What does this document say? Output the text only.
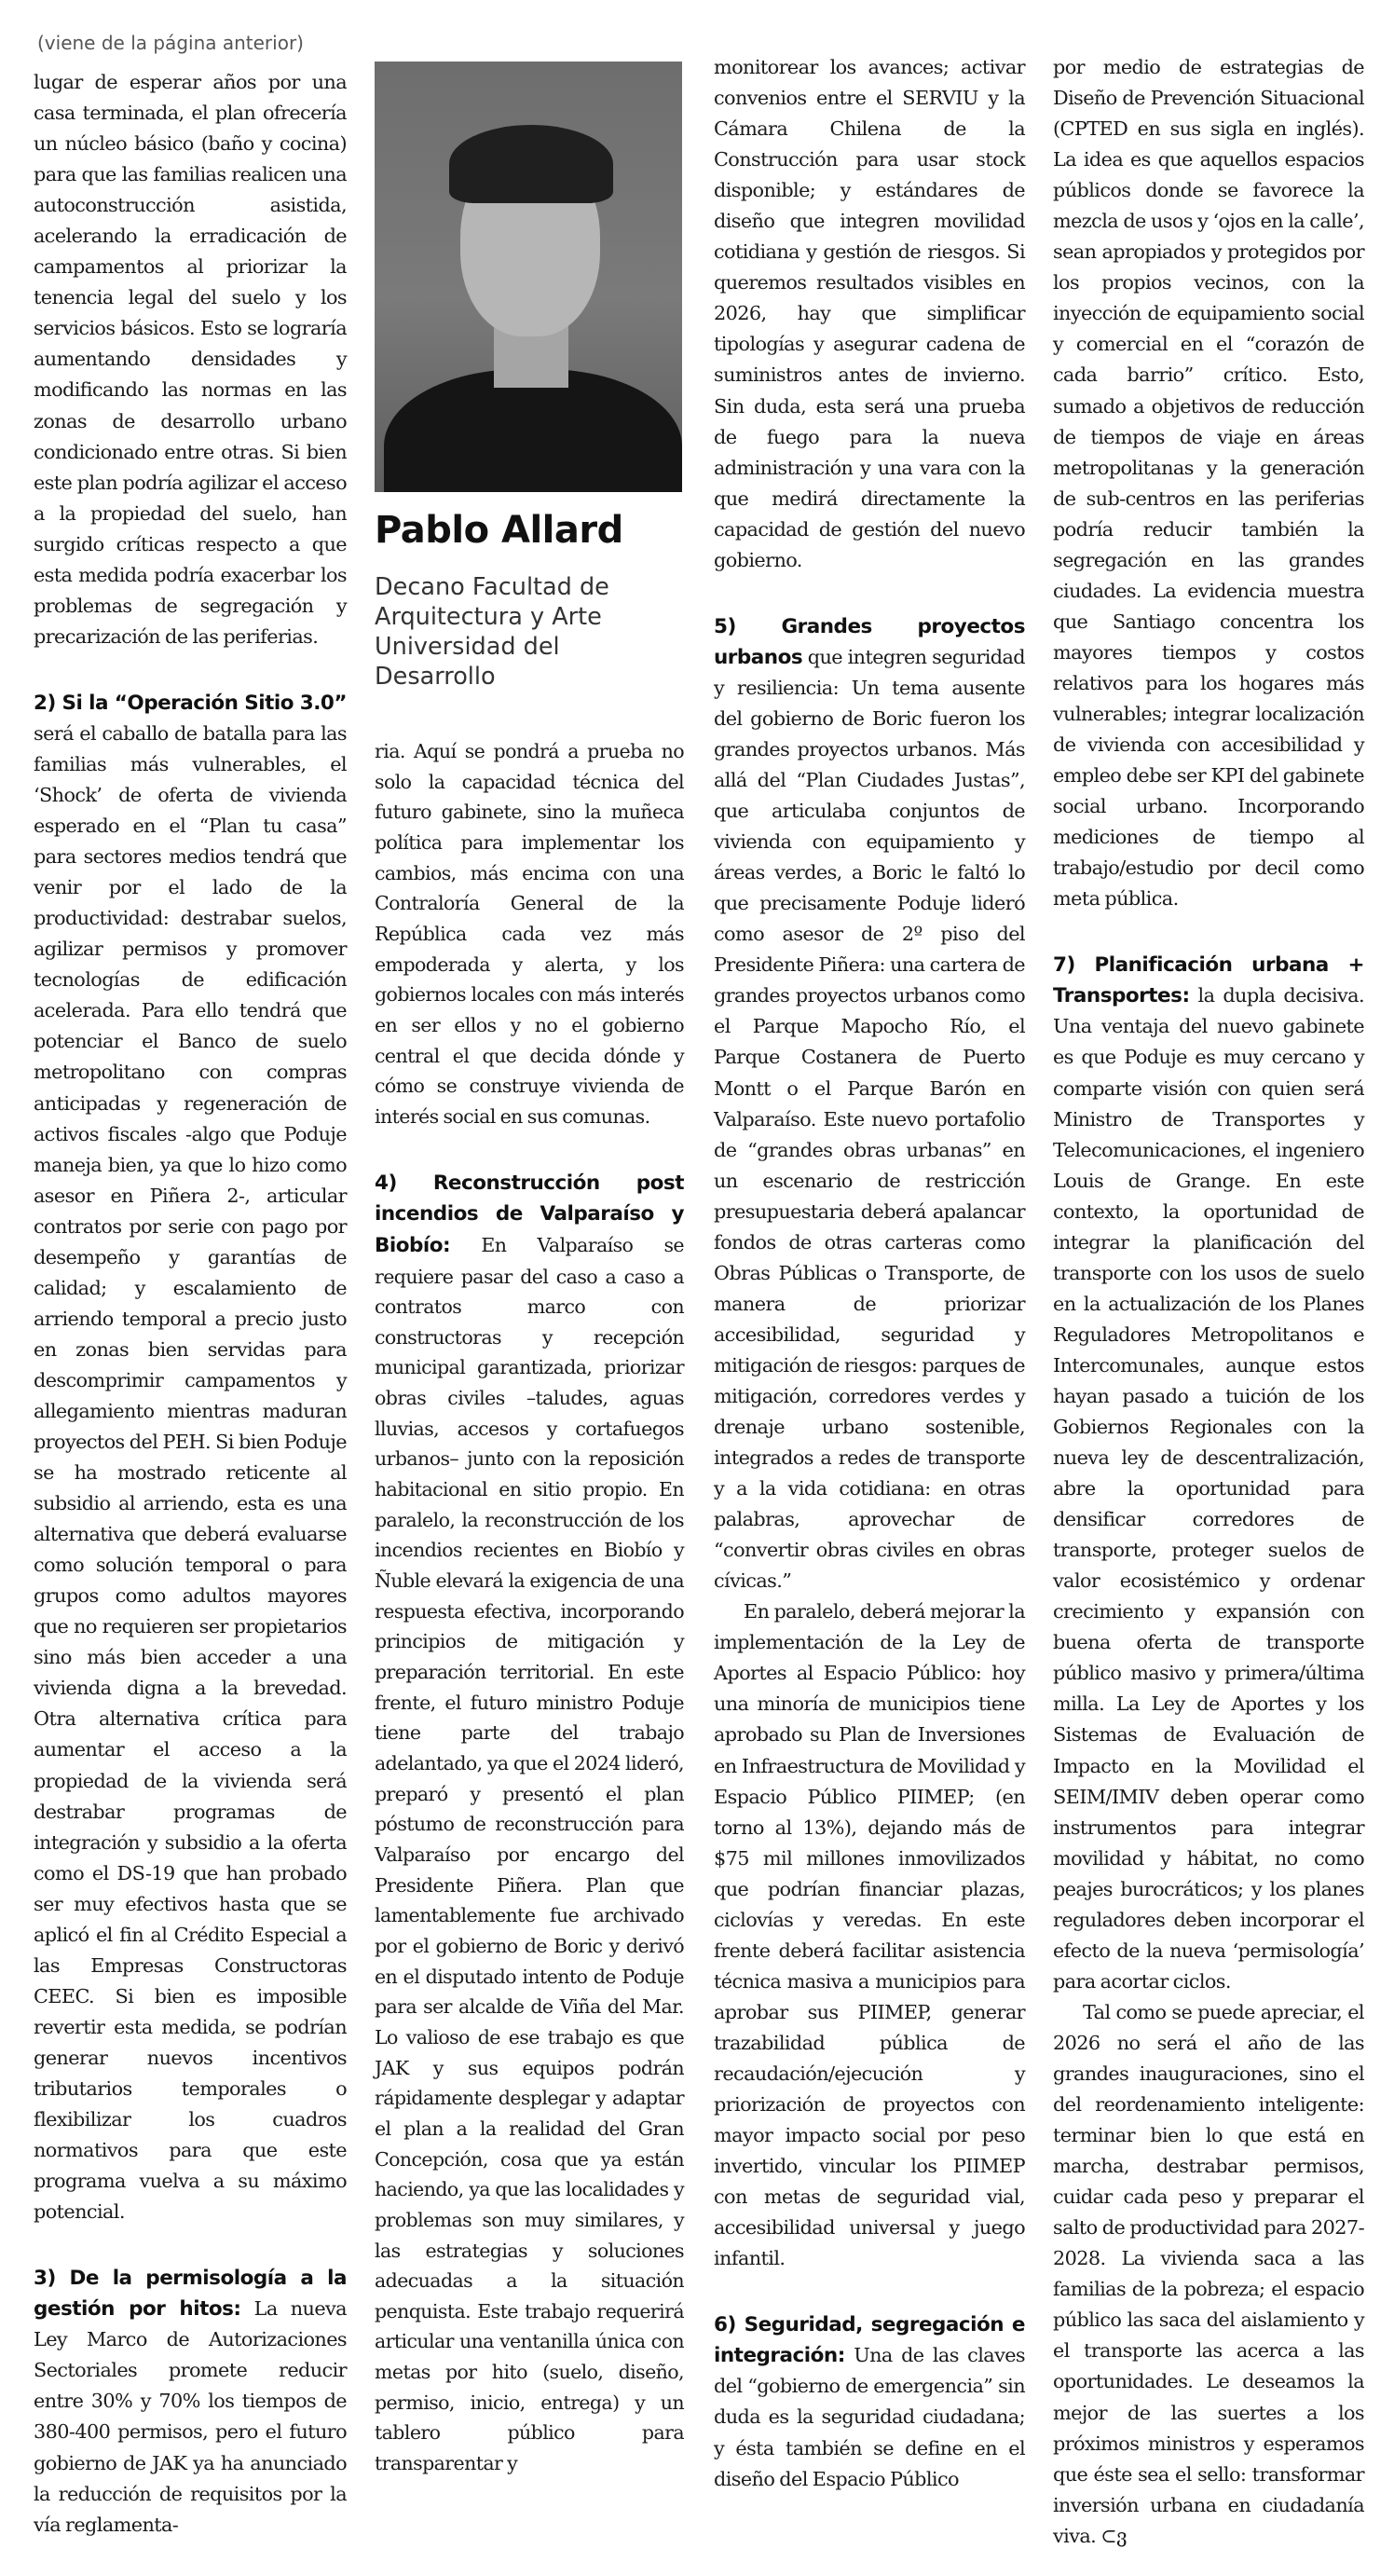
(viene de la página anterior)

lugar de esperar años por una casa terminada, el plan ofrecería un núcleo básico (baño y cocina) para que las familias realicen una autoconstrucción asistida, acelerando la erradicación de campamentos al priorizar la tenencia legal del suelo y los servicios básicos. Esto se lograría aumentando densidades y modificando las normas en las zonas de desarrollo urbano condicionado entre otras. Si bien este plan podría agilizar el acceso a la propiedad del suelo, han surgido críticas respecto a que esta medida podría exacerbar los problemas de segregación y precarización de las periferias.

2) Si la “Operación Sitio 3.0” será el caballo de batalla para las familias más vulnerables, el ‘Shock’ de oferta de vivienda esperado en el “Plan tu casa” para sectores medios tendrá que venir por el lado de la productividad: destrabar suelos, agilizar permisos y promover tecnologías de edificación acelerada. Para ello tendrá que potenciar el Banco de suelo metropolitano con compras anticipadas y regeneración de activos fiscales -algo que Poduje maneja bien, ya que lo hizo como asesor en Piñera 2-, articular contratos por serie con pago por desempeño y garantías de calidad; y escalamiento de arriendo temporal a precio justo en zonas bien servidas para descomprimir campamentos y allegamiento mientras maduran proyectos del PEH. Si bien Poduje se ha mostrado reticente al subsidio al arriendo, esta es una alternativa que deberá evaluarse como solución temporal o para grupos como adultos mayores que no requieren ser propietarios sino más bien acceder a una vivienda digna a la brevedad. Otra alternativa crítica para aumentar el acceso a la propiedad de la vivienda será destrabar programas de integración y subsidio a la oferta como el DS-19 que han probado ser muy efectivos hasta que se aplicó el fin al Crédito Especial a las Empresas Constructoras CEEC. Si bien es imposible revertir esta medida, se podrían generar nuevos incentivos tributarios temporales o flexibilizar los cuadros normativos para que este programa vuelva a su máximo potencial.

3) De la permisología a la gestión por hitos: La nueva Ley Marco de Autorizaciones Sectoriales promete reducir entre 30% y 70% los tiempos de 380-400 permisos, pero el futuro gobierno de JAK ya ha anunciado la reducción de requisitos por la vía reglamenta-

Pablo Allard
Decano Facultad de
Arquitectura y Arte
Universidad del
Desarrollo

ria. Aquí se pondrá a prueba no solo la capacidad técnica del futuro gabinete, sino la muñeca política para implementar los cambios, más encima con una Contraloría General de la República cada vez más empoderada y alerta, y los gobiernos locales con más interés en ser ellos y no el gobierno central el que decida dónde y cómo se construye vivienda de interés social en sus comunas.

4) Reconstrucción post incendios de Valparaíso y Biobío: En Valparaíso se requiere pasar del caso a caso a contratos marco con constructoras y recepción municipal garantizada, priorizar obras civiles –taludes, aguas lluvias, accesos y cortafuegos urbanos– junto con la reposición habitacional en sitio propio. En paralelo, la reconstrucción de los incendios recientes en Biobío y Ñuble elevará la exigencia de una respuesta efectiva, incorporando principios de mitigación y preparación territorial. En este frente, el futuro ministro Poduje tiene parte del trabajo adelantado, ya que el 2024 lideró, preparó y presentó el plan póstumo de reconstrucción para Valparaíso por encargo del Presidente Piñera. Plan que lamentablemente fue archivado por el gobierno de Boric y derivó en el disputado intento de Poduje para ser alcalde de Viña del Mar. Lo valioso de ese trabajo es que JAK y sus equipos podrán rápidamente desplegar y adaptar el plan a la realidad del Gran Concepción, cosa que ya están haciendo, ya que las localidades y problemas son muy similares, y las estrategias y soluciones adecuadas a la situación penquista. Este trabajo requerirá articular una ventanilla única con metas por hito (suelo, diseño, permiso, inicio, entrega) y un tablero público para transparentar y

monitorear los avances; activar convenios entre el SERVIU y la Cámara Chilena de la Construcción para usar stock disponible; y estándares de diseño que integren movilidad cotidiana y gestión de riesgos. Si queremos resultados visibles en 2026, hay que simplificar tipologías y asegurar cadena de suministros antes de invierno. Sin duda, esta será una prueba de fuego para la nueva administración y una vara con la que medirá directamente la capacidad de gestión del nuevo gobierno.

5) Grandes proyectos urbanos que integren seguridad y resiliencia: Un tema ausente del gobierno de Boric fueron los grandes proyectos urbanos. Más allá del “Plan Ciudades Justas”, que articulaba conjuntos de vivienda con equipamiento y áreas verdes, a Boric le faltó lo que precisamente Poduje lideró como asesor de 2º piso del Presidente Piñera: una cartera de grandes proyectos urbanos como el Parque Mapocho Río, el Parque Costanera de Puerto Montt o el Parque Barón en Valparaíso. Este nuevo portafolio de “grandes obras urbanas” en un escenario de restricción presupuestaria deberá apalancar fondos de otras carteras como Obras Públicas o Transporte, de manera de priorizar accesibilidad, seguridad y mitigación de riesgos: parques de mitigación, corredores verdes y drenaje urbano sostenible, integrados a redes de transporte y a la vida cotidiana: en otras palabras, aprovechar de “convertir obras civiles en obras cívicas.”

En paralelo, deberá mejorar la implementación de la Ley de Aportes al Espacio Público: hoy una minoría de municipios tiene aprobado su Plan de Inversiones en Infraestructura de Movilidad y Espacio Público PIIMEP; (en torno al 13%), dejando más de $75 mil millones inmovilizados que podrían financiar plazas, ciclovías y veredas. En este frente deberá facilitar asistencia técnica masiva a municipios para aprobar sus PIIMEP, generar trazabilidad pública de recaudación/ejecución y priorización de proyectos con mayor impacto social por peso invertido, vincular los PIIMEP con metas de seguridad vial, accesibilidad universal y juego infantil.

6) Seguridad, segregación e integración: Una de las claves del “gobierno de emergencia” sin duda es la seguridad ciudadana; y ésta también se define en el diseño del Espacio Público

por medio de estrategias de Diseño de Prevención Situacional (CPTED en sus sigla en inglés). La idea es que aquellos espacios públicos donde se favorece la mezcla de usos y ‘ojos en la calle’, sean apropiados y protegidos por los propios vecinos, con la inyección de equipamiento social y comercial en el “corazón de cada barrio” crítico. Esto, sumado a objetivos de reducción de tiempos de viaje en áreas metropolitanas y la generación de sub-centros en las periferias podría reducir también la segregación en las grandes ciudades. La evidencia muestra que Santiago concentra los mayores tiempos y costos relativos para los hogares más vulnerables; integrar localización de vivienda con accesibilidad y empleo debe ser KPI del gabinete social urbano. Incorporando mediciones de tiempo al trabajo/estudio por decil como meta pública.

7) Planificación urbana + Transportes: la dupla decisiva. Una ventaja del nuevo gabinete es que Poduje es muy cercano y comparte visión con quien será Ministro de Transportes y Telecomunicaciones, el ingeniero Louis de Grange. En este contexto, la oportunidad de integrar la planificación del transporte con los usos de suelo en la actualización de los Planes Reguladores Metropolitanos e Intercomunales, aunque estos hayan pasado a tuición de los Gobiernos Regionales con la nueva ley de descentralización, abre la oportunidad para densificar corredores de transporte, proteger suelos de valor ecosistémico y ordenar crecimiento y expansión con buena oferta de transporte público masivo y primera/última milla. La Ley de Aportes y los Sistemas de Evaluación de Impacto en la Movilidad el SEIM/IMIV deben operar como instrumentos para integrar movilidad y hábitat, no como peajes burocráticos; y los planes reguladores deben incorporar el efecto de la nueva ‘permisología’ para acortar ciclos.

Tal como se puede apreciar, el 2026 no será el año de las grandes inauguraciones, sino el del reordenamiento inteligente: terminar bien lo que está en marcha, destrabar permisos, cuidar cada peso y preparar el salto de productividad para 2027-2028. La vivienda saca a las familias de la pobreza; el espacio público las saca del aislamiento y el transporte las acerca a las oportunidades. Le deseamos la mejor de las suertes a los próximos ministros y esperamos que éste sea el sello: transformar inversión urbana en ciudadanía viva. ⊂ვ
